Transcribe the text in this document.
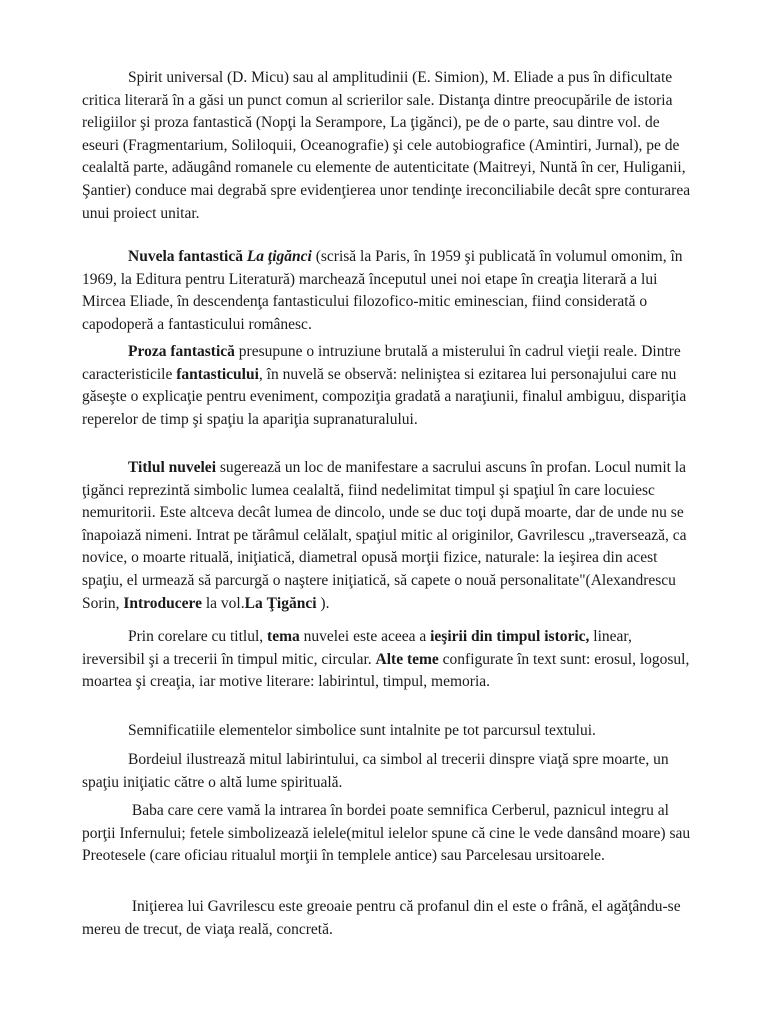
Spirit universal (D. Micu) sau al amplitudinii (E. Simion), M. Eliade a pus în dificultate critica literară în a găsi un punct comun al scrierilor sale. Distanţa dintre preocupările de istoria religiilor şi proza fantastică (Nopţi la Serampore, La ţigănci), pe de o parte, sau dintre vol. de eseuri (Fragmentarium, Soliloquii, Oceanografie) şi cele autobiografice (Amintiri, Jurnal), pe de cealaltă parte, adăugând romanele cu elemente de autenticitate (Maitreyi, Nuntă în cer, Huliganii, Şantier) conduce mai degrabă spre evidenţierea unor tendinţe ireconciliabile decât spre conturarea unui proiect unitar.

Nuvela fantastică La ţigănci (scrisă la Paris, în 1959 şi publicată în volumul omonim, în 1969, la Editura pentru Literatură) marchează începutul unei noi etape în creaţia literară a lui Mircea Eliade, în descendenţa fantasticului filozofico-mitic eminescian, fiind considerată o capodoperă a fantasticului românesc.

Proza fantastică presupune o intruziune brutală a misterului în cadrul vieţii reale. Dintre caracteristicile fantasticului, în nuvelă se observă: neliniştea si ezitarea lui personajului care nu găseşte o explicaţie pentru eveniment, compoziţia gradată a naraţiunii, finalul ambiguu, dispariţia reperelor de timp şi spaţiu la apariţia supranaturalului.

Titlul nuvelei sugerează un loc de manifestare a sacrului ascuns în profan. Locul numit la ţigănci reprezintă simbolic lumea cealaltă, fiind nedelimitat timpul şi spaţiul în care locuiesc nemuritorii. Este altceva decât lumea de dincolo, unde se duc toţi după moarte, dar de unde nu se înapoiază nimeni. Intrat pe tărâmul celălalt, spaţiul mitic al originilor, Gavrilescu „traversează, ca novice, o moarte rituală, iniţiatică, diametral opusă morţii fizice, naturale: la ieşirea din acest spaţiu, el urmează să parcurgă o naştere iniţiatică, să capete o nouă personalitate"(Alexandrescu Sorin, Introducere la vol.La Ţigănci ).

Prin corelare cu titlul, tema nuvelei este aceea a ieşirii din timpul istoric, linear, ireversibil şi a trecerii în timpul mitic, circular. Alte teme configurate în text sunt: erosul, logosul, moartea şi creaţia, iar motive literare: labirintul, timpul, memoria.

Semnificatiile elementelor simbolice sunt intalnite pe tot parcursul textului.

Bordeiul ilustrează mitul labirintului, ca simbol al trecerii dinspre viaţă spre moarte, un spaţiu iniţiatic către o altă lume spirituală.

Baba care cere vamă la intrarea în bordei poate semnifica Cerberul, paznicul integru al porţii Infernului; fetele simbolizează ielele(mitul ielelor spune că cine le vede dansând moare) sau Preotesele (care oficiau ritualul morţii în templele antice) sau Parcelesau ursitoarele.

Iniţierea lui Gavrilescu este greoaie pentru că profanul din el este o frână, el agăţându-se mereu de trecut, de viaţa reală, concretă.
